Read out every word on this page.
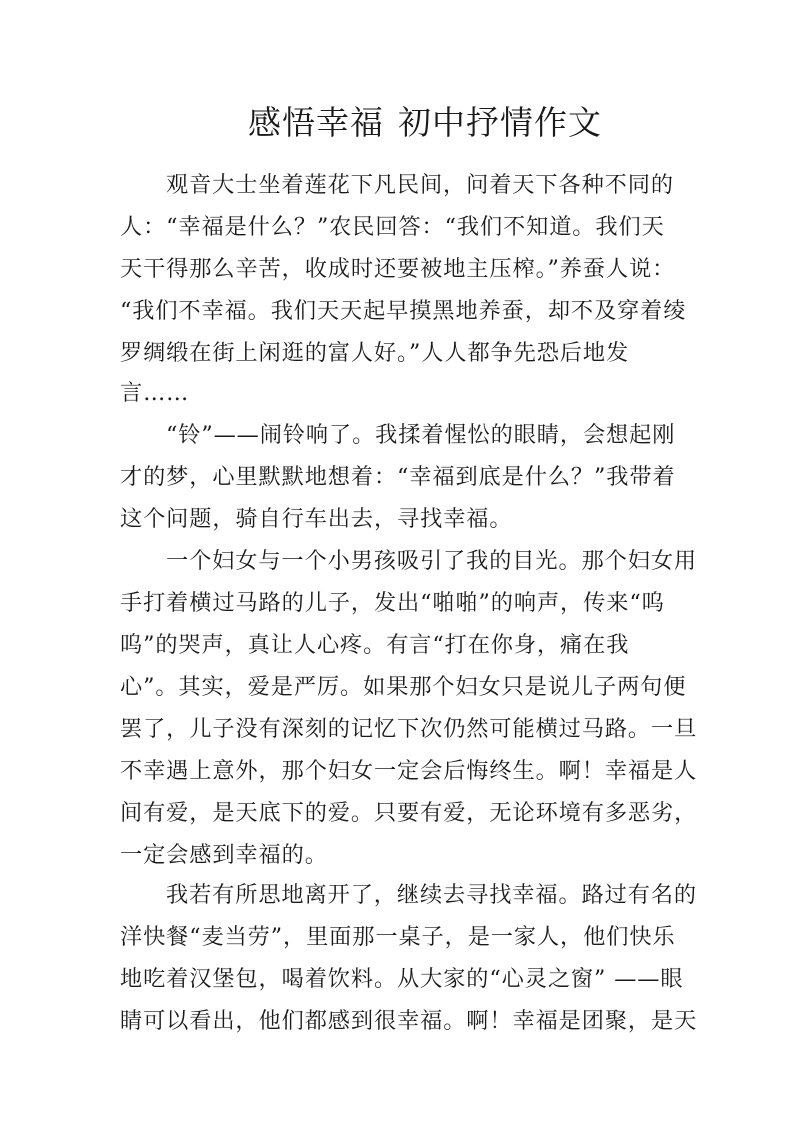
感悟幸福 初中抒情作文
观音大士坐着莲花下凡民间，问着天下各种不同的
人：“幸福是什么？”农民回答：“我们不知道。我们天
天干得那么辛苦，收成时还要被地主压榨。”养蚕人说：
“我们不幸福。我们天天起早摸黑地养蚕，却不及穿着绫
罗绸缎在街上闲逛的富人好。”人人都争先恐后地发
言……
“铃”——闹铃响了。我揉着惺忪的眼睛，会想起刚
才的梦，心里默默地想着：“幸福到底是什么？”我带着
这个问题，骑自行车出去，寻找幸福。
一个妇女与一个小男孩吸引了我的目光。那个妇女用
手打着横过马路的儿子，发出“啪啪”的响声，传来“呜
呜”的哭声，真让人心疼。有言“打在你身，痛在我
心”。其实，爱是严厉。如果那个妇女只是说儿子两句便
罢了，儿子没有深刻的记忆下次仍然可能横过马路。一旦
不幸遇上意外，那个妇女一定会后悔终生。啊！幸福是人
间有爱，是天底下的爱。只要有爱，无论环境有多恶劣，
一定会感到幸福的。
我若有所思地离开了，继续去寻找幸福。路过有名的
洋快餐“麦当劳”，里面那一桌子，是一家人，他们快乐
地吃着汉堡包，喝着饮料。从大家的“心灵之窗” ——眼
睛可以看出，他们都感到很幸福。啊！幸福是团聚，是天
